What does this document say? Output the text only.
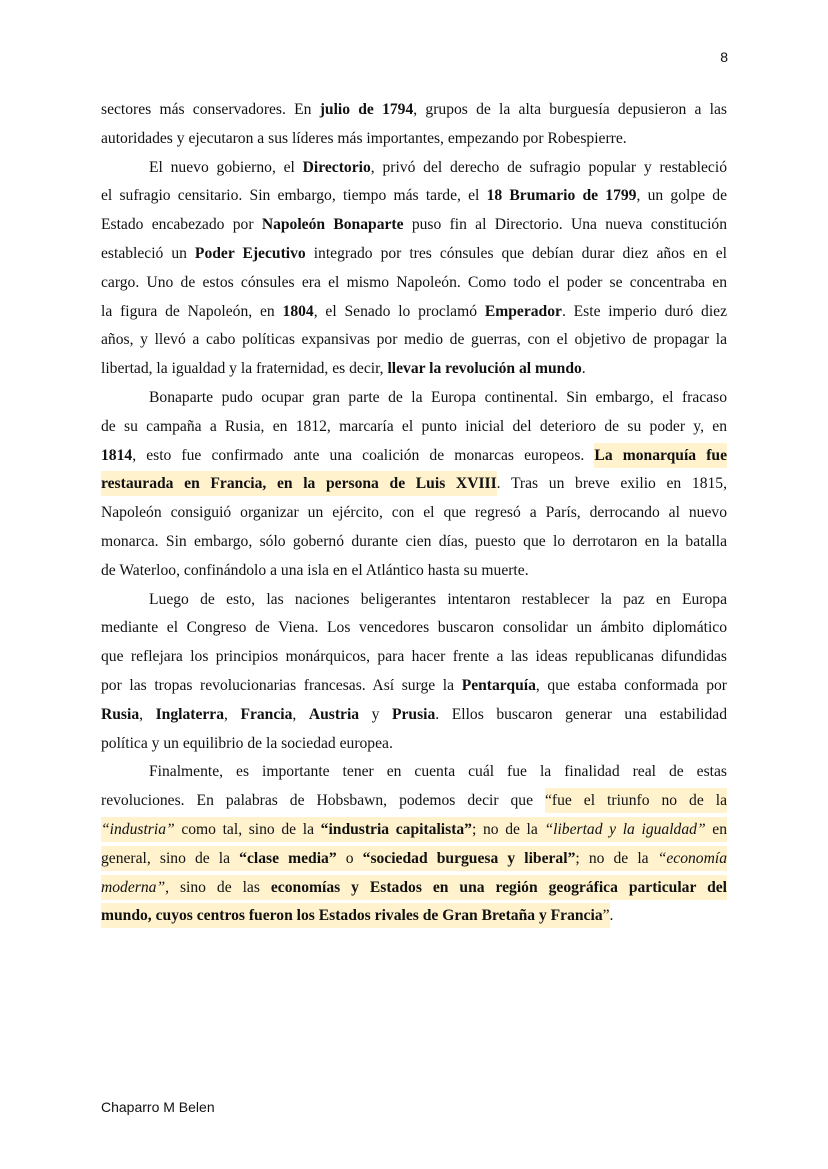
8
sectores más conservadores. En julio de 1794, grupos de la alta burguesía depusieron a las
autoridades y ejecutaron a sus líderes más importantes, empezando por Robespierre.
El nuevo gobierno, el Directorio, privó del derecho de sufragio popular y restableció
el sufragio censitario. Sin embargo, tiempo más tarde, el 18 Brumario de 1799, un golpe de
Estado encabezado por Napoleón Bonaparte puso fin al Directorio. Una nueva constitución
estableció un Poder Ejecutivo integrado por tres cónsules que debían durar diez años en el
cargo. Uno de estos cónsules era el mismo Napoleón. Como todo el poder se concentraba en
la figura de Napoleón, en 1804, el Senado lo proclamó Emperador. Este imperio duró diez
años, y llevó a cabo políticas expansivas por medio de guerras, con el objetivo de propagar la
libertad, la igualdad y la fraternidad, es decir, llevar la revolución al mundo.
Bonaparte pudo ocupar gran parte de la Europa continental. Sin embargo, el fracaso
de su campaña a Rusia, en 1812, marcaría el punto inicial del deterioro de su poder y, en
1814, esto fue confirmado ante una coalición de monarcas europeos. La monarquía fue
restaurada en Francia, en la persona de Luis XVIII. Tras un breve exilio en 1815,
Napoleón consiguió organizar un ejército, con el que regresó a París, derrocando al nuevo
monarca. Sin embargo, sólo gobernó durante cien días, puesto que lo derrotaron en la batalla
de Waterloo, confinándolo a una isla en el Atlántico hasta su muerte.
Luego de esto, las naciones beligerantes intentaron restablecer la paz en Europa
mediante el Congreso de Viena. Los vencedores buscaron consolidar un ámbito diplomático
que reflejara los principios monárquicos, para hacer frente a las ideas republicanas difundidas
por las tropas revolucionarias francesas. Así surge la Pentarquía, que estaba conformada por
Rusia, Inglaterra, Francia, Austria y Prusia. Ellos buscaron generar una estabilidad
política y un equilibrio de la sociedad europea.
Finalmente, es importante tener en cuenta cuál fue la finalidad real de estas
revoluciones. En palabras de Hobsbawn, podemos decir que “fue el triunfo no de la
“industria” como tal, sino de la “industria capitalista”; no de la “libertad y la igualdad” en
general, sino de la “clase media” o “sociedad burguesa y liberal”; no de la “economía
moderna”, sino de las economías y Estados en una región geográfica particular del
mundo, cuyos centros fueron los Estados rivales de Gran Bretaña y Francia”.
Chaparro M Belen
